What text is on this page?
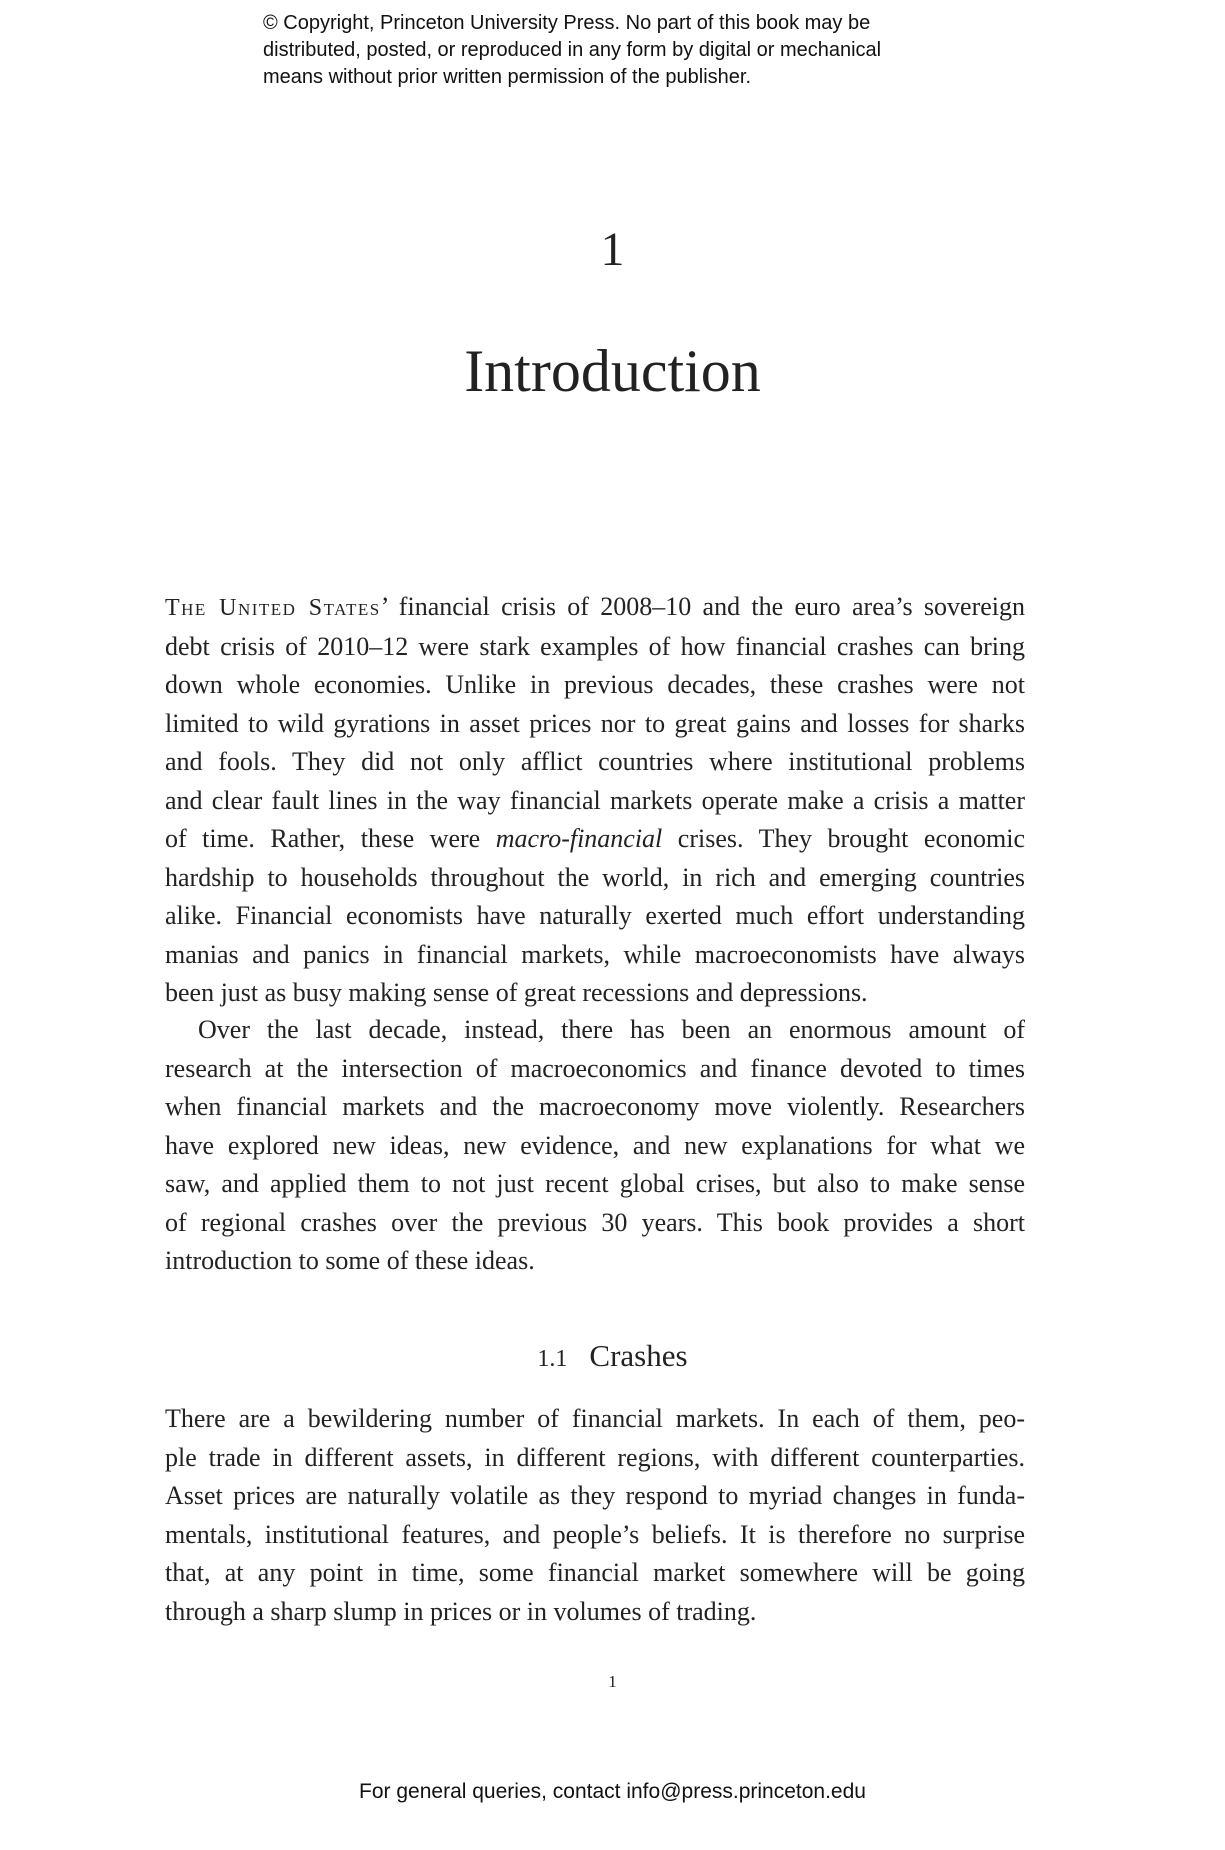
© Copyright, Princeton University Press. No part of this book may be
distributed, posted, or reproduced in any form by digital or mechanical
means without prior written permission of the publisher.
1
Introduction
The United States’ financial crisis of 2008–10 and the euro area’s sovereign
debt crisis of 2010–12 were stark examples of how financial crashes can bring
down whole economies. Unlike in previous decades, these crashes were not
limited to wild gyrations in asset prices nor to great gains and losses for sharks
and fools. They did not only afflict countries where institutional problems
and clear fault lines in the way financial markets operate make a crisis a matter
of time. Rather, these were macro-financial crises. They brought economic
hardship to households throughout the world, in rich and emerging countries
alike. Financial economists have naturally exerted much effort understanding
manias and panics in financial markets, while macroeconomists have always
been just as busy making sense of great recessions and depressions.
Over the last decade, instead, there has been an enormous amount of
research at the intersection of macroeconomics and finance devoted to times
when financial markets and the macroeconomy move violently. Researchers
have explored new ideas, new evidence, and new explanations for what we
saw, and applied them to not just recent global crises, but also to make sense
of regional crashes over the previous 30 years. This book provides a short
introduction to some of these ideas.
1.1 Crashes
There are a bewildering number of financial markets. In each of them, peo-
ple trade in different assets, in different regions, with different counterparties.
Asset prices are naturally volatile as they respond to myriad changes in funda-
mentals, institutional features, and people’s beliefs. It is therefore no surprise
that, at any point in time, some financial market somewhere will be going
through a sharp slump in prices or in volumes of trading.
1
For general queries, contact info@press.princeton.edu
